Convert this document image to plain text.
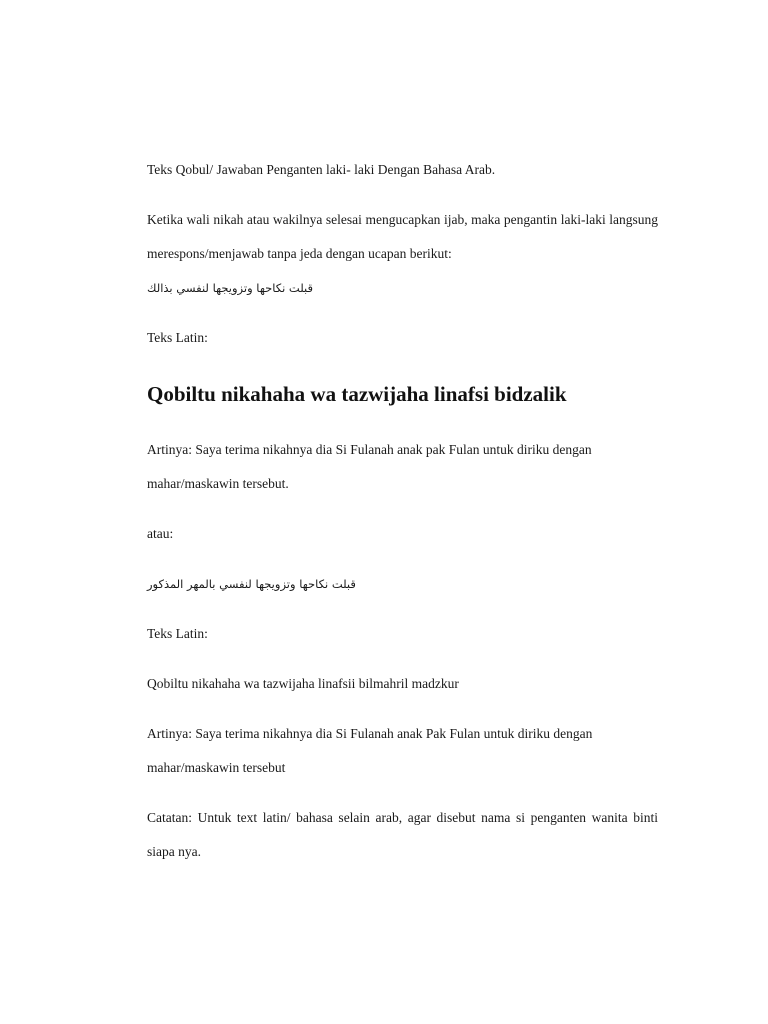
Teks Qobul/ Jawaban Penganten laki- laki Dengan Bahasa Arab.

Ketika wali nikah atau wakilnya selesai mengucapkan ijab, maka pengantin laki-laki langsung merespons/menjawab tanpa jeda dengan ucapan berikut:

قبلت نكاحها وتزويجها لنفسي بذالك

Teks Latin:

Qobiltu nikahaha wa tazwijaha linafsi bidzalik

Artinya: Saya terima nikahnya dia Si Fulanah anak pak Fulan untuk diriku dengan mahar/maskawin tersebut.

atau:

قبلت نكاحها وتزويجها لنفسي بالمهر المذكور

Teks Latin:

Qobiltu nikahaha wa tazwijaha linafsii bilmahril madzkur

Artinya: Saya terima nikahnya dia Si Fulanah anak Pak Fulan untuk diriku dengan mahar/maskawin tersebut

Catatan: Untuk text latin/ bahasa selain arab, agar disebut nama si penganten wanita binti siapa nya.
